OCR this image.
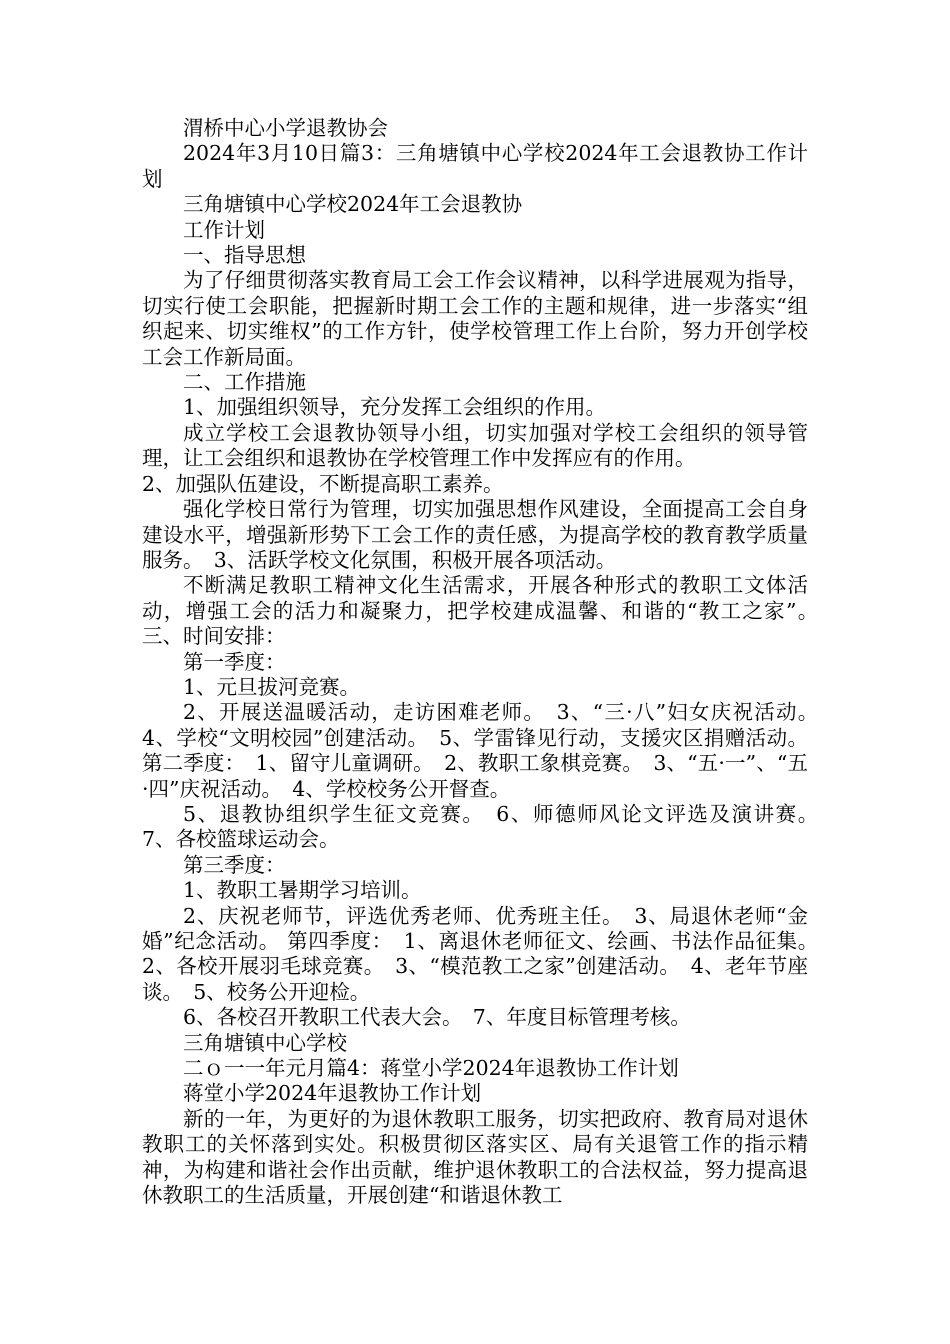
渭桥中心小学退教协会

2024年3月10日篇3：三角塘镇中心学校2024年工会退教协工作计划

三角塘镇中心学校2024年工会退教协

工作计划

一、指导思想

为了仔细贯彻落实教育局工会工作会议精神，以科学进展观为指导，切实行使工会职能，把握新时期工会工作的主题和规律，进一步落实“组织起来、切实维权”的工作方针，使学校管理工作上台阶，努力开创学校工会工作新局面。

二、工作措施

1、加强组织领导，充分发挥工会组织的作用。

成立学校工会退教协领导小组，切实加强对学校工会组织的领导管理，让工会组织和退教协在学校管理工作中发挥应有的作用。

2、加强队伍建设，不断提高职工素养。

强化学校日常行为管理，切实加强思想作风建设，全面提高工会自身建设水平，增强新形势下工会工作的责任感，为提高学校的教育教学质量服务。　3、活跃学校文化氛围，积极开展各项活动。

不断满足教职工精神文化生活需求，开展各种形式的教职工文体活动，增强工会的活力和凝聚力，把学校建成温馨、和谐的“教工之家”。　三、时间安排：

第一季度：

1、元旦拔河竞赛。

2、开展送温暖活动，走访困难老师。　3、“三·八”妇女庆祝活动。　4、学校“文明校园”创建活动。　5、学雷锋见行动，支援灾区捐赠活动。 第二季度：　1、留守儿童调研。　2、教职工象棋竞赛。　3、“五·一”、“五·四”庆祝活动。　4、学校校务公开督查。

5、退教协组织学生征文竞赛。　6、师德师风论文评选及演讲赛。　7、各校篮球运动会。

第三季度：

1、教职工暑期学习培训。

2、庆祝老师节，评选优秀老师、优秀班主任。　3、局退休老师“金婚”纪念活动。 第四季度：　1、离退休老师征文、绘画、书法作品征集。　2、各校开展羽毛球竞赛。　3、“模范教工之家”创建活动。　4、老年节座谈。　5、校务公开迎检。

6、各校召开教职工代表大会。　7、年度目标管理考核。

三角塘镇中心学校

二ｏ一一年元月篇4：蒋堂小学2024年退教协工作计划

蒋堂小学2024年退教协工作计划

新的一年，为更好的为退休教职工服务，切实把政府、教育局对退休教职工的关怀落到实处。积极贯彻区落实区、局有关退管工作的指示精神，为构建和谐社会作出贡献，维护退休教职工的合法权益，努力提高退休教职工的生活质量，开展创建“和谐退休教工
